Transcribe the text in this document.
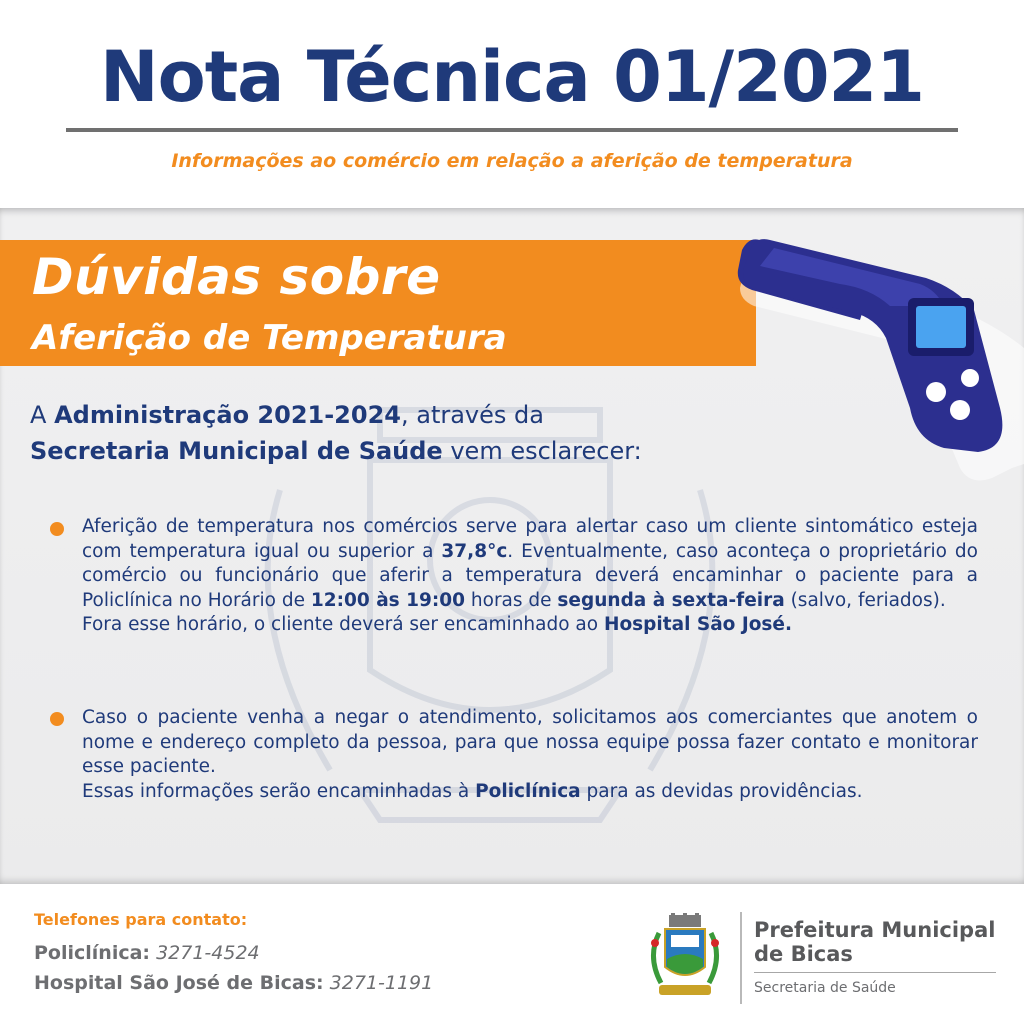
Nota Técnica 01/2021
Informações ao comércio em relação a aferição de temperatura
Dúvidas sobre
Aferição de Temperatura
A Administração 2021-2024, através da
Secretaria Municipal de Saúde vem esclarecer:

Aferição de temperatura nos comércios serve para alertar caso um cliente sintomático esteja com temperatura igual ou superior a 37,8°c. Eventualmente, caso aconteça o proprietário do comércio ou funcionário que aferir a temperatura deverá encaminhar o paciente para a Policlínica no Horário de 12:00 às 19:00 horas de segunda à sexta-feira (salvo, feriados).

Fora esse horário, o cliente deverá ser encaminhado ao Hospital São José.

Caso o paciente venha a negar o atendimento, solicitamos aos comerciantes que anotem o nome e endereço completo da pessoa, para que nossa equipe possa fazer contato e monitorar esse paciente.

Essas informações serão encaminhadas à Policlínica para as devidas providências.

Telefones para contato:
Policlínica: 3271-4524
Hospital São José de Bicas: 3271-1191
Prefeitura Municipal
de Bicas
Secretaria de Saúde
